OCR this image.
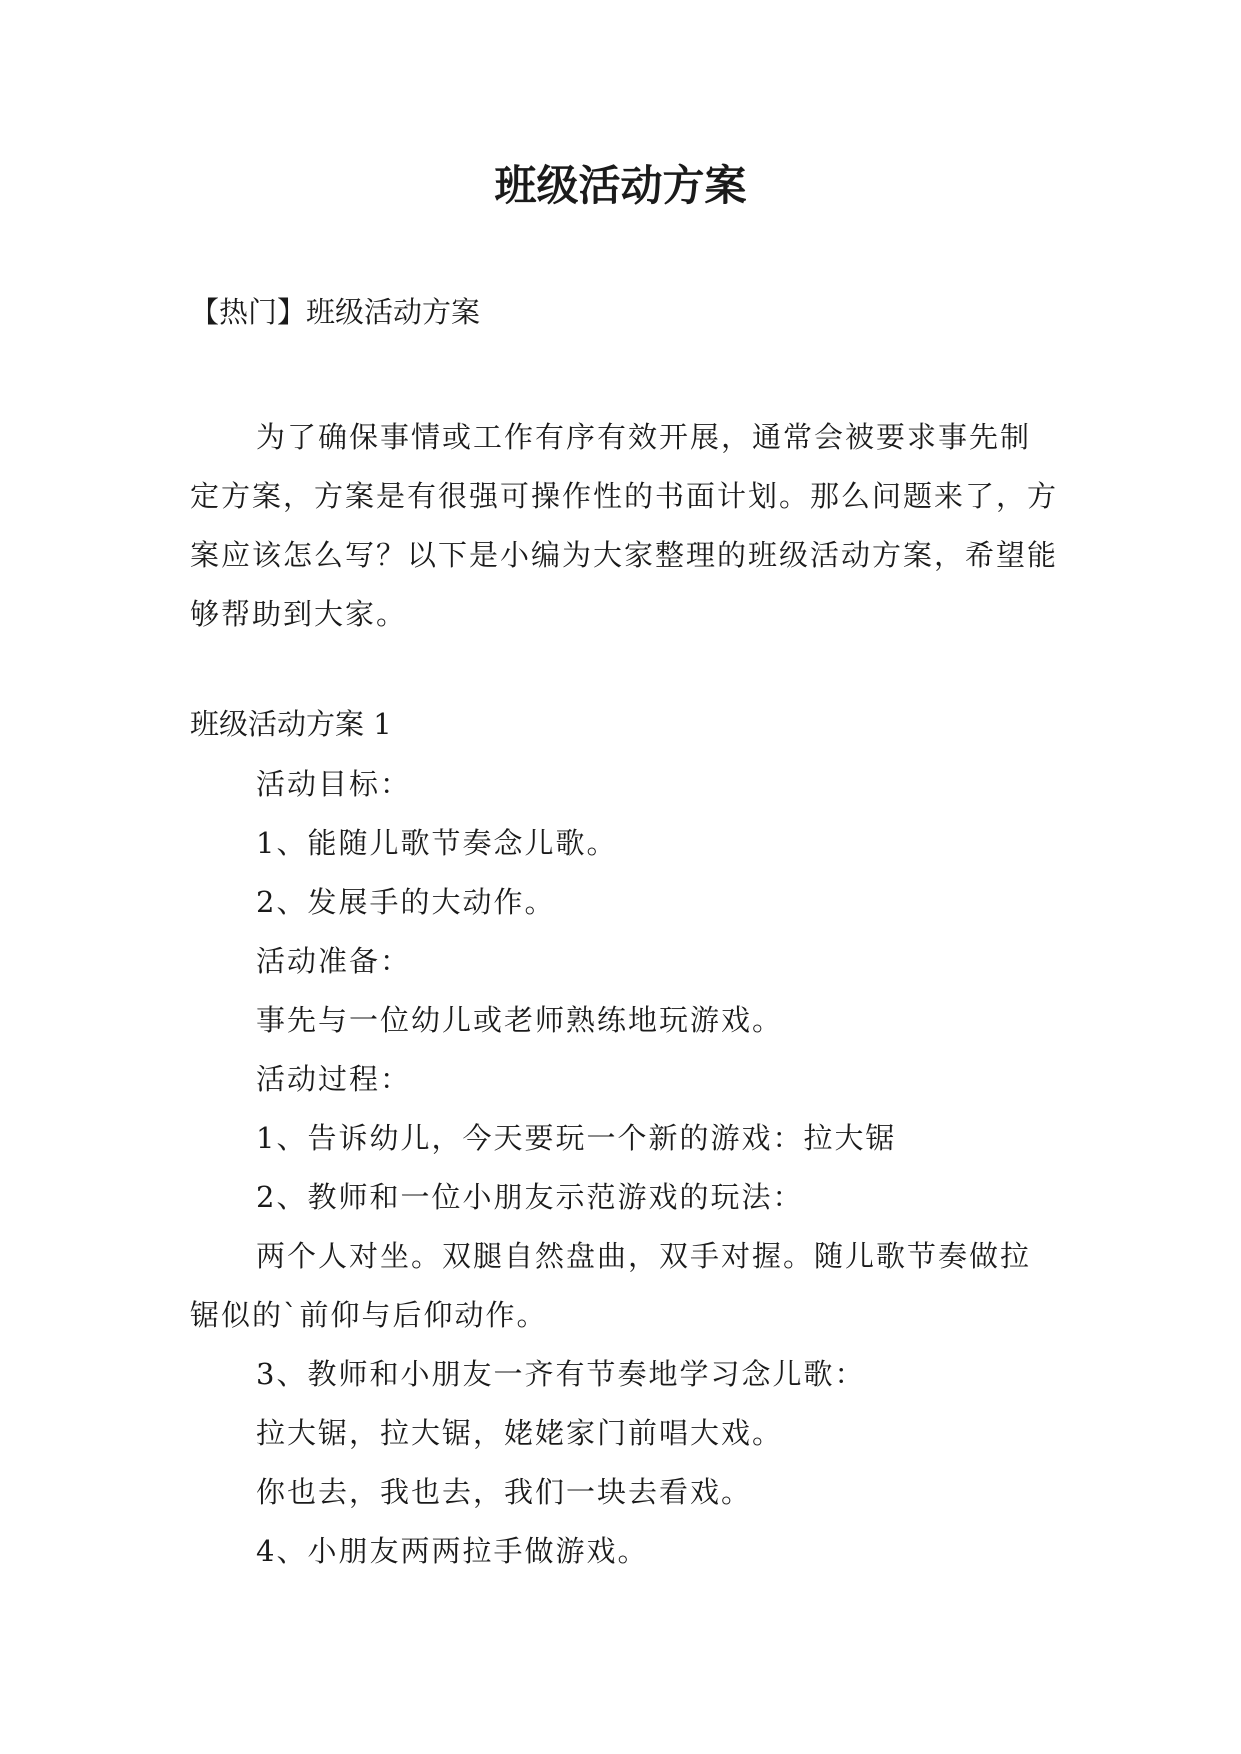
班级活动方案

【热门】班级活动方案

为了确保事情或工作有序有效开展，通常会被要求事先制定方案，方案是有很强可操作性的书面计划。那么问题来了，方案应该怎么写？以下是小编为大家整理的班级活动方案，希望能够帮助到大家。

班级活动方案 1

活动目标：

1、能随儿歌节奏念儿歌。

2、发展手的大动作。

活动准备：

事先与一位幼儿或老师熟练地玩游戏。

活动过程：

1、告诉幼儿，今天要玩一个新的游戏：拉大锯

2、教师和一位小朋友示范游戏的玩法：

两个人对坐。双腿自然盘曲，双手对握。随儿歌节奏做拉锯似的`前仰与后仰动作。

3、教师和小朋友一齐有节奏地学习念儿歌：

拉大锯，拉大锯，姥姥家门前唱大戏。

你也去，我也去，我们一块去看戏。

4、小朋友两两拉手做游戏。
